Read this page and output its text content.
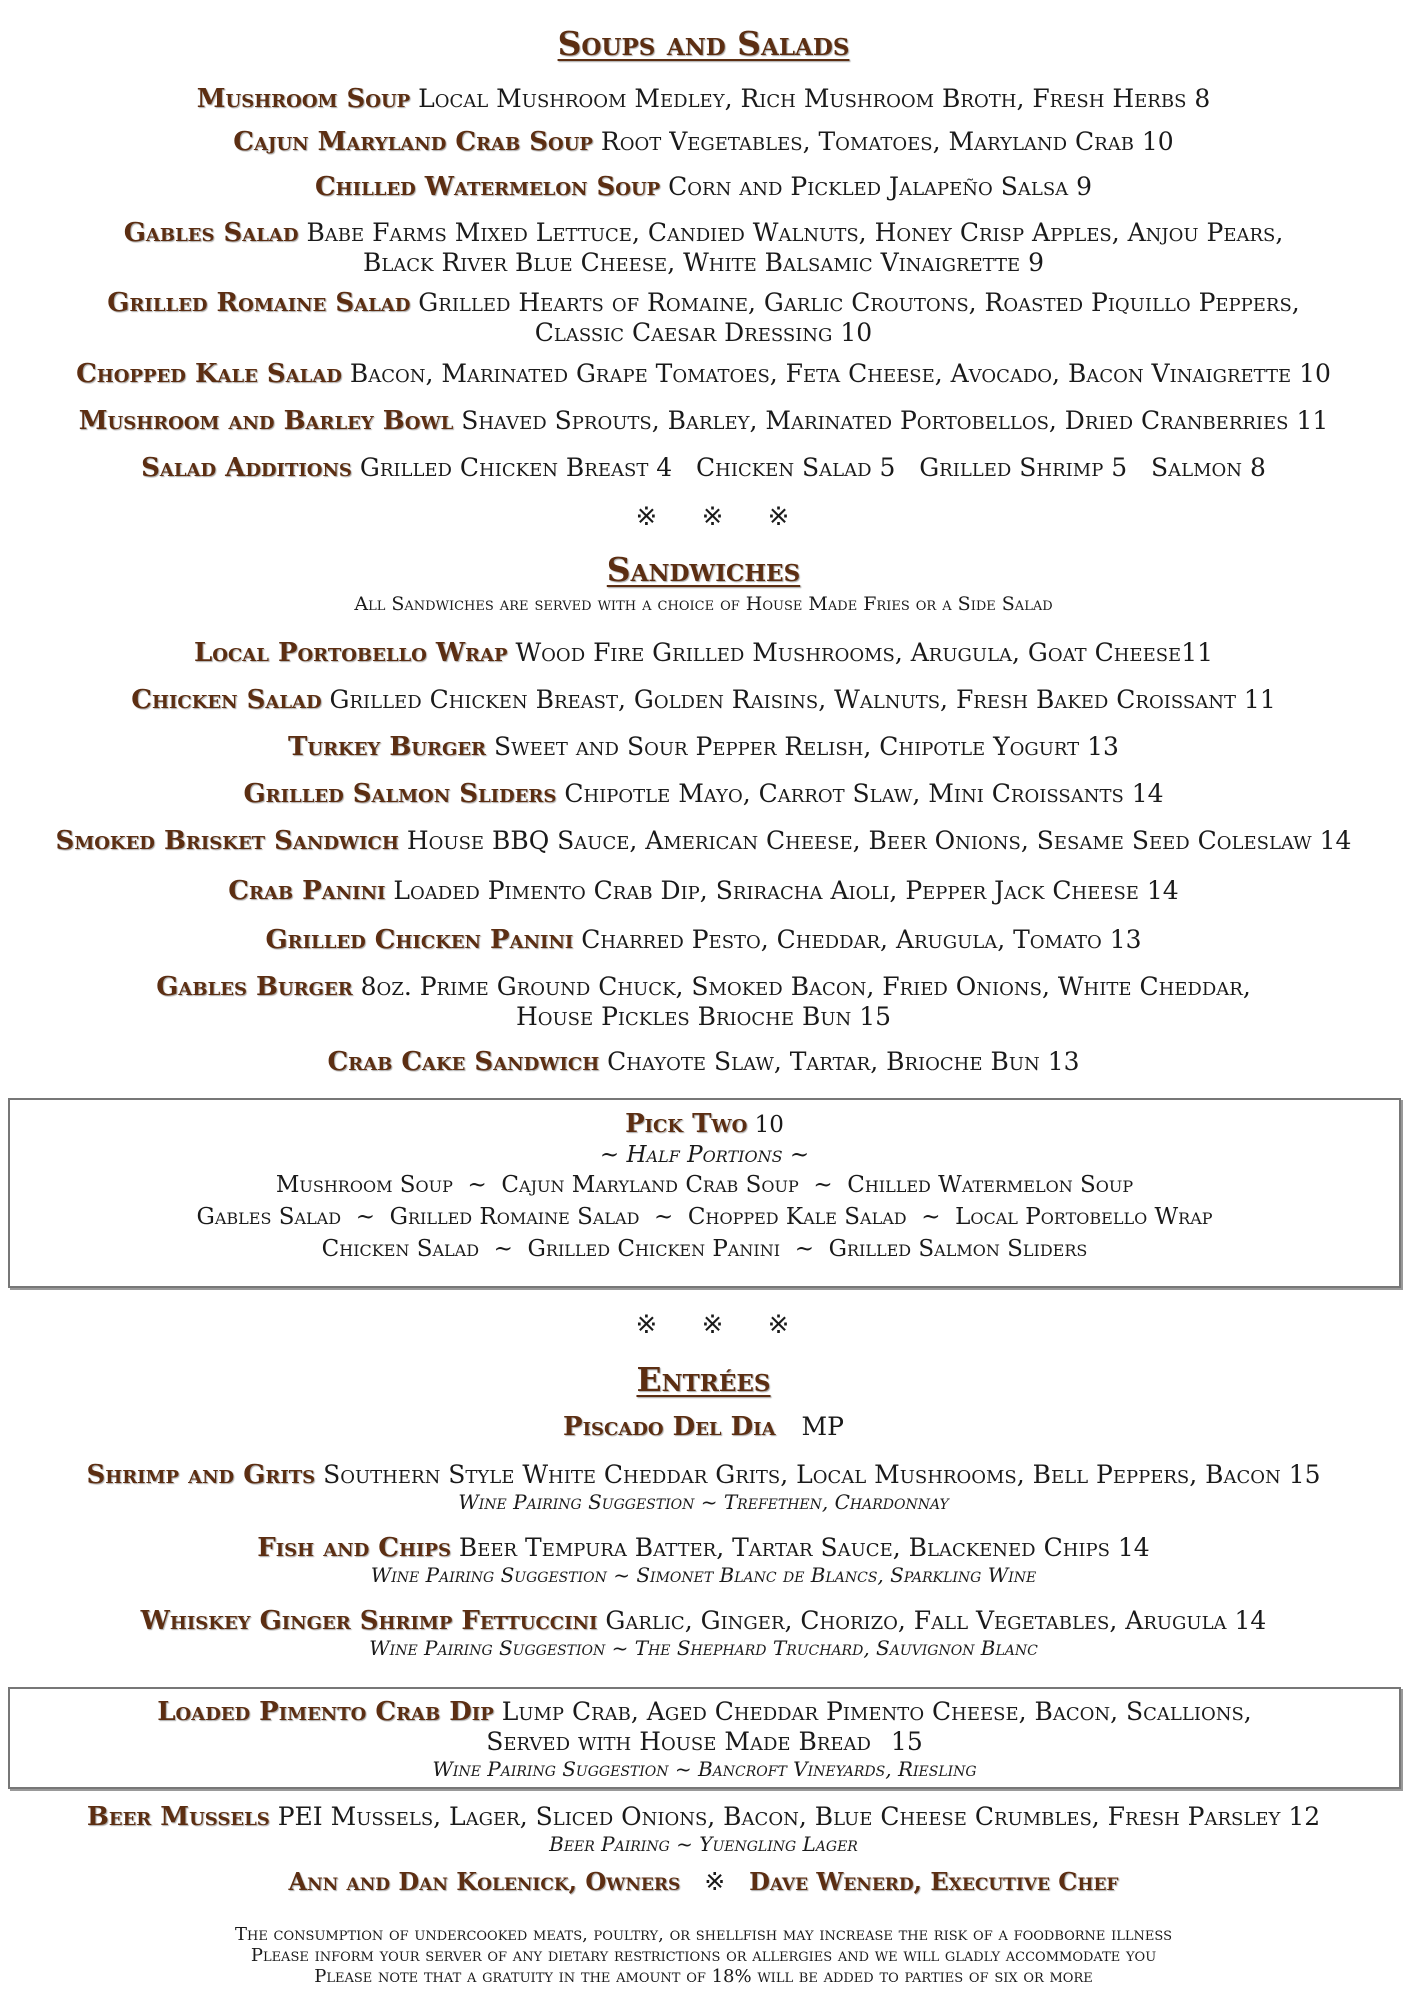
Soups and Salads
Mushroom Soup Local Mushroom Medley, Rich Mushroom Broth, Fresh Herbs 8
Cajun Maryland Crab Soup Root Vegetables, Tomatoes, Maryland Crab 10
Chilled Watermelon Soup Corn and Pickled Jalapeño Salsa 9
Gables Salad Babe Farms Mixed Lettuce, Candied Walnuts, Honey Crisp Apples, Anjou Pears,
Black River Blue Cheese, White Balsamic Vinaigrette 9
Grilled Romaine Salad Grilled Hearts of Romaine, Garlic Croutons, Roasted Piquillo Peppers,
Classic Caesar Dressing 10
Chopped Kale Salad Bacon, Marinated Grape Tomatoes, Feta Cheese, Avocado, Bacon Vinaigrette 10
Mushroom and Barley Bowl Shaved Sprouts, Barley, Marinated Portobellos, Dried Cranberries 11
Salad Additions Grilled Chicken Breast 4   Chicken Salad 5   Grilled Shrimp 5   Salmon 8
※ ※ ※
Sandwiches
All Sandwiches are served with a choice of House Made Fries or a Side Salad
Local Portobello Wrap Wood Fire Grilled Mushrooms, Arugula, Goat Cheese11
Chicken Salad Grilled Chicken Breast, Golden Raisins, Walnuts, Fresh Baked Croissant 11
Turkey Burger Sweet and Sour Pepper Relish, Chipotle Yogurt 13
Grilled Salmon Sliders Chipotle Mayo, Carrot Slaw, Mini Croissants 14
Smoked Brisket Sandwich House BBQ Sauce, American Cheese, Beer Onions, Sesame Seed Coleslaw 14
Crab Panini Loaded Pimento Crab Dip, Sriracha Aioli, Pepper Jack Cheese 14
Grilled Chicken Panini Charred Pesto, Cheddar, Arugula, Tomato 13
Gables Burger 8oz. Prime Ground Chuck, Smoked Bacon, Fried Onions, White Cheddar,
House Pickles Brioche Bun 15
Crab Cake Sandwich Chayote Slaw, Tartar, Brioche Bun 13
Pick Two 10
~ Half Portions ~
Mushroom Soup  ~  Cajun Maryland Crab Soup  ~  Chilled Watermelon Soup
Gables Salad  ~  Grilled Romaine Salad  ~  Chopped Kale Salad  ~  Local Portobello Wrap
Chicken Salad  ~  Grilled Chicken Panini  ~  Grilled Salmon Sliders
※ ※ ※
Entrées
Piscado Del Dia MP
Shrimp and Grits Southern Style White Cheddar Grits, Local Mushrooms, Bell Peppers, Bacon 15
Wine Pairing Suggestion ~ Trefethen, Chardonnay
Fish and Chips Beer Tempura Batter, Tartar Sauce, Blackened Chips 14
Wine Pairing Suggestion ~ Simonet Blanc de Blancs, Sparkling Wine
Whiskey Ginger Shrimp Fettuccini Garlic, Ginger, Chorizo, Fall Vegetables, Arugula 14
Wine Pairing Suggestion ~ The Shephard Truchard, Sauvignon Blanc
Loaded Pimento Crab Dip Lump Crab, Aged Cheddar Pimento Cheese, Bacon, Scallions,
Served with House Made Bread 15
Wine Pairing Suggestion ~ Bancroft Vineyards, Riesling
Beer Mussels PEI Mussels, Lager, Sliced Onions, Bacon, Blue Cheese Crumbles, Fresh Parsley 12
Beer Pairing ~ Yuengling Lager
Ann and Dan Kolenick, Owners ※ Dave Wenerd, Executive Chef
The consumption of undercooked meats, poultry, or shellfish may increase the risk of a foodborne illness
Please inform your server of any dietary restrictions or allergies and we will gladly accommodate you
Please note that a gratuity in the amount of 18% will be added to parties of six or more
